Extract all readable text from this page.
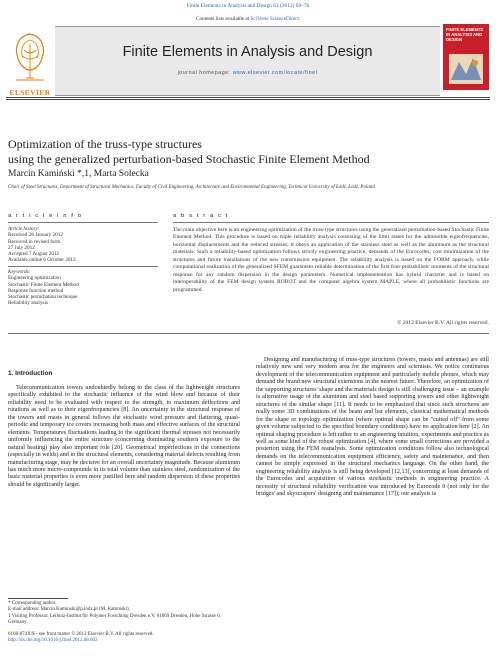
Finite Elements in Analysis and Design 63 (2013) 69–78
Contents lists available at SciVerse ScienceDirect
Finite Elements in Analysis and Design
journal homepage: www.elsevier.com/locate/finel
ELSEVIER
FINITE ELEMENTS IN ANALYSIS AND DESIGN
Optimization of the truss-type structures
using the generalized perturbation-based Stochastic Finite Element Method
Marcin Kamiński *,1, Marta Solecka
Chair of Steel Structures, Department of Structural Mechanics, Faculty of Civil Engineering, Architecture and Environmental Engineering, Technical University of Łódź, Łódź, Poland
a r t i c l e i n f o
Article history:
Received 28 January 2012
Received in revised form
27 July 2012
Accepted 7 August 2012
Available online 6 October 2012
Keywords:
Engineering optimization
Stochastic Finite Element Method
Response function method
Stochastic perturbation technique
Reliability analysis
a b s t r a c t
The main objective here is an engineering optimization of the truss-type structures using the generalized perturbation-based Stochastic Finite Element Method. This procedure is based on triple reliability analysis consisting of the limit states for the admissible eigenfrequencies, horizontal displacements and the reduced stresses; it obeys an application of the stainless steel as well as the aluminum as the structural materials. Such a reliability-based optimization follows strictly engineering practice, demands of the Eurocodes, cost minimization of the structures and future installations of the new transmission equipment. The reliability analysis is based on the FORM approach, while computational realization of the generalized SFEM guarantees reliable determination of the first four probabilistic moments of the structural response for any random dispersion in the design parameters. Numerical implementation has hybrid character and is based on interoperability of the FEM design system ROBOT and the computer algebra system MAPLE, where all probabilistic functions are programmed.
© 2012 Elsevier B.V. All rights reserved.
1. Introduction

Telecommunication towers undoubtedly belong to the class of the lightweight structures specifically exhibited to the stochastic influence of the wind blow and because of their reliability need to be evaluated with respect to the strength, to maximum deflections and rotations as well as to their eigenfrequencies [8]. An uncertainty in the structural response of the towers and masts in general follows the stochastic wind pressure and flattering, quasi-periodic and temporary ice covers increasing both mass and effective surfaces of the structural elements. Temperatures fluctuations leading to the significant thermal stresses not necessarily uniformly influencing the entire structure (concerning dominating southern exposure to the natural heating) play also important role [20]. Geometrical imperfections in the connections (especially in welds) and in the structural elements, considering material defects resulting from manufacturing stage, may be decisive for an overall uncertainty magnitude. Because aluminum has much more micro-compounds in its total volume than stainless steel, randomization of the basic material properties is even more justified here and random dispersion of these properties should be significantly larger.

Designing and manufacturing of truss-type structures (towers, masts and antennas) are still relatively new and very modern area for the engineers and scientists. We notice continuous development of the telecommunication equipment and particularly mobile phones, which may demand the brand new structural extensions in the nearest future. Therefore, an optimization of the supporting structures' shape and the materials design is still challenging issue – an example is alternative usage of the aluminum and steel based supporting towers and other lightweight structures of the similar shape [11]. It needs to be emphasized that since such structures are really some 3D combinations of the beam and bar elements, classical mathematical methods for the shape or topology optimization (where optimal shape can be "cutted off" from some given volume subjected to the specified boundary conditions) have no application here [2]. An optimal shaping procedure is left rather to an engineering intuition, experiments and practice as well as some kind of the robust optimization [4], where some small corrections are provided a posteriori using the FEM reanalysis. Some optimization conditions follow also technological demands on the telecommunication equipment efficiency, safety and maintenance, and then cannot be simply expressed in the structural mechanics language. On the other hand, the engineering reliability analysis is still being developed [12,13], concerning at least demands of the Eurocodes and acquisition of various stochastic methods in engineering practice. A necessity of structural reliability verification was introduced by Eurocode 0 (not only for the bridges' and skyscrapers' designing and maintenance [17]); our analysis is

* Corresponding author.
E-mail address: Marcin.Kaminski@p.lodz.pl (M. Kamiński).
1 Visiting Professor, Leibniz-Institut für Polymer Forschung Dresden e.V, 01069 Dresden, Hohe Strasse 6, Germany.
0168-874X/$ - see front matter © 2012 Elsevier B.V. All rights reserved.
http://dx.doi.org/10.1016/j.finel.2012.08.002
